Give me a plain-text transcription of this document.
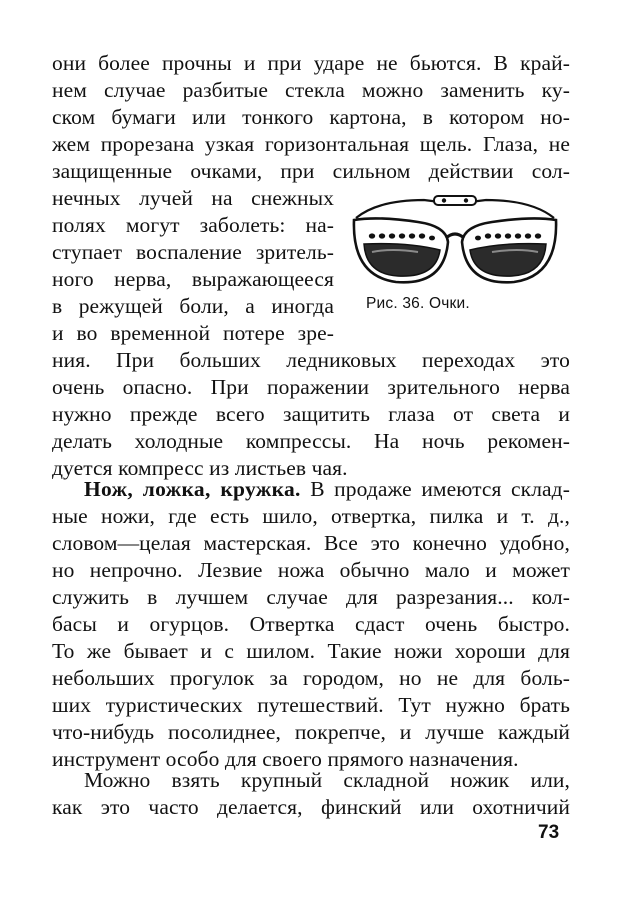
они более прочны и при ударе не бьются. В край-
нем случае разбитые стекла можно заменить ку-
ском бумаги или тонкого картона, в котором но-
жем прорезана узкая горизонтальная щель. Глаза, не
защищенные очками, при сильном действии сол-
нечных лучей на снежных
полях могут заболеть: на-
ступает воспаление зритель-
ного нерва, выражающееся
в режущей боли, а иногда
и во временной потере зре-
ния. При больших ледниковых переходах это
очень опасно. При поражении зрительного нерва
нужно прежде всего защитить глаза от света и
делать холодные компрессы. На ночь рекомен-
дуется компресс из листьев чая.
Нож, ложка, кружка. В продаже имеются склад-
ные ножи, где есть шило, отвертка, пилка и т. д.,
словом—целая мастерская. Все это конечно удобно,
но непрочно. Лезвие ножа обычно мало и может
служить в лучшем случае для разрезания... кол-
басы и огурцов. Отвертка сдаст очень быстро.
То же бывает и с шилом. Такие ножи хороши для
небольших прогулок за городом, но не для боль-
ших туристических путешествий. Тут нужно брать
что-нибудь посолиднее, покрепче, и лучше каждый
инструмент особо для своего прямого назначения.
Можно взять крупный складной ножик или,
как это часто делается, финский или охотничий
Рис. 36. Очки.
73
